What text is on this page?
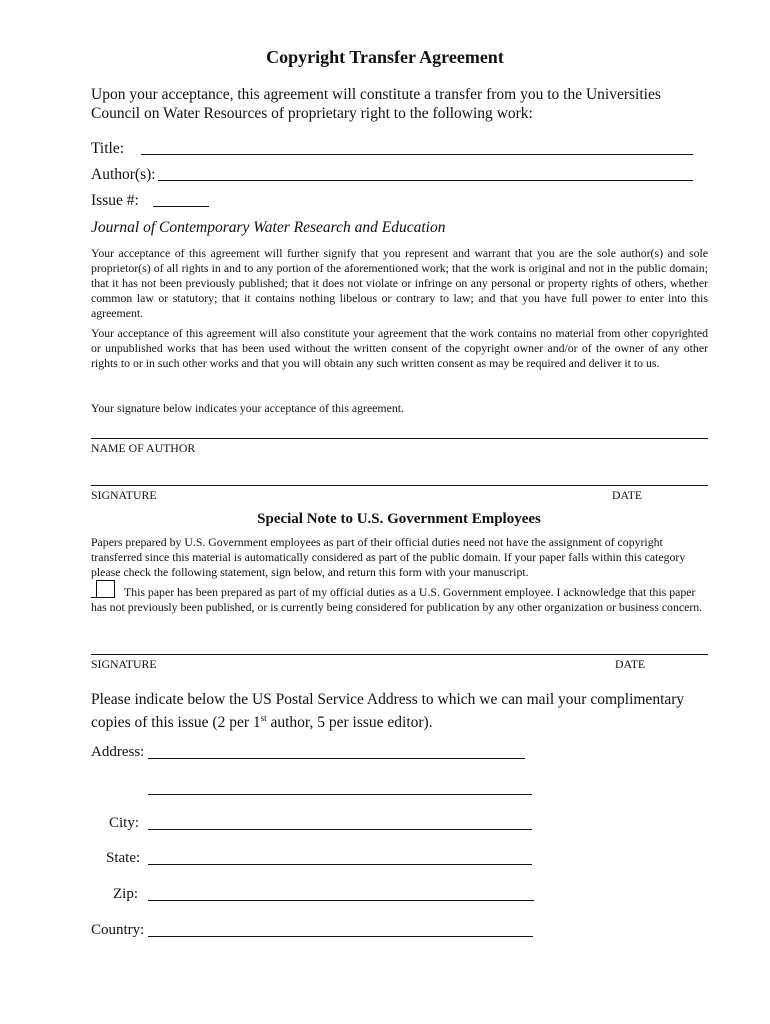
Copyright Transfer Agreement
Upon your acceptance, this agreement will constitute a transfer from you to the Universities Council on Water Resources of proprietary right to the following work:
Title:
Author(s):
Issue #:
Journal of Contemporary Water Research and Education
Your acceptance of this agreement will further signify that you represent and warrant that you are the sole author(s) and sole proprietor(s) of all rights in and to any portion of the aforementioned work; that the work is original and not in the public domain; that it has not been previously published; that it does not violate or infringe on any personal or property rights of others, whether common law or statutory; that it contains nothing libelous or contrary to law; and that you have full power to enter into this agreement.
Your acceptance of this agreement will also constitute your agreement that the work contains no material from other copyrighted or unpublished works that has been used without the written consent of the copyright owner and/or of the owner of any other rights to or in such other works and that you will obtain any such written consent as may be required and deliver it to us.
Your signature below indicates your acceptance of this agreement.
NAME OF AUTHOR
SIGNATURE	DATE
Special Note to U.S. Government Employees
Papers prepared by U.S. Government employees as part of their official duties need not have the assignment of copyright transferred since this material is automatically considered as part of the public domain. If your paper falls within this category please check the following statement, sign below, and return this form with your manuscript.
This paper has been prepared as part of my official duties as a U.S. Government employee. I acknowledge that this paper has not previously been published, or is currently being considered for publication by any other organization or business concern.
SIGNATURE	DATE
Please indicate below the US Postal Service Address to which we can mail your complimentary copies of this issue (2 per 1st author, 5 per issue editor).
Address:
City:
State:
Zip:
Country:
